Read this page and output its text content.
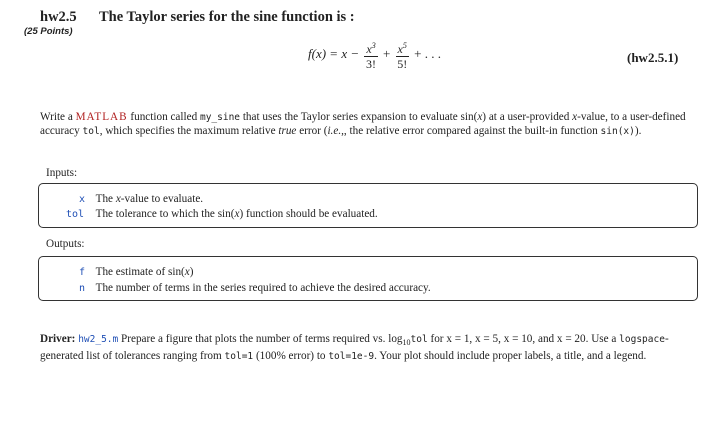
hw2.5 The Taylor series for the sine function is :
(25 Points)
$f(x) = x - \frac{x^3}{3!} + \frac{x^5}{5!}$ + . . .	(hw2.5.1)
Write a MATLAB function called my_sine that uses the Taylor series expansion to evaluate sin(x) at a user-provided x-value, to a user-defined accuracy tol, which specifies the maximum relative true error (i.e.,, the relative error compared against the built-in function sin(x)).
Inputs:
x The x-value to evaluate.
tol The tolerance to which the sin(x) function should be evaluated.
Outputs:
f The estimate of sin(x)
n The number of terms in the series required to achieve the desired accuracy.
Driver: hw2_5.m Prepare a figure that plots the number of terms required vs. $\log_{10}tol$ for x = 1, x = 5, x = 10, and x = 20. Use a logspace-generated list of tolerances ranging from tol=1 (100% error) to tol=1e-9. Your plot should include proper labels, a title, and a legend.
